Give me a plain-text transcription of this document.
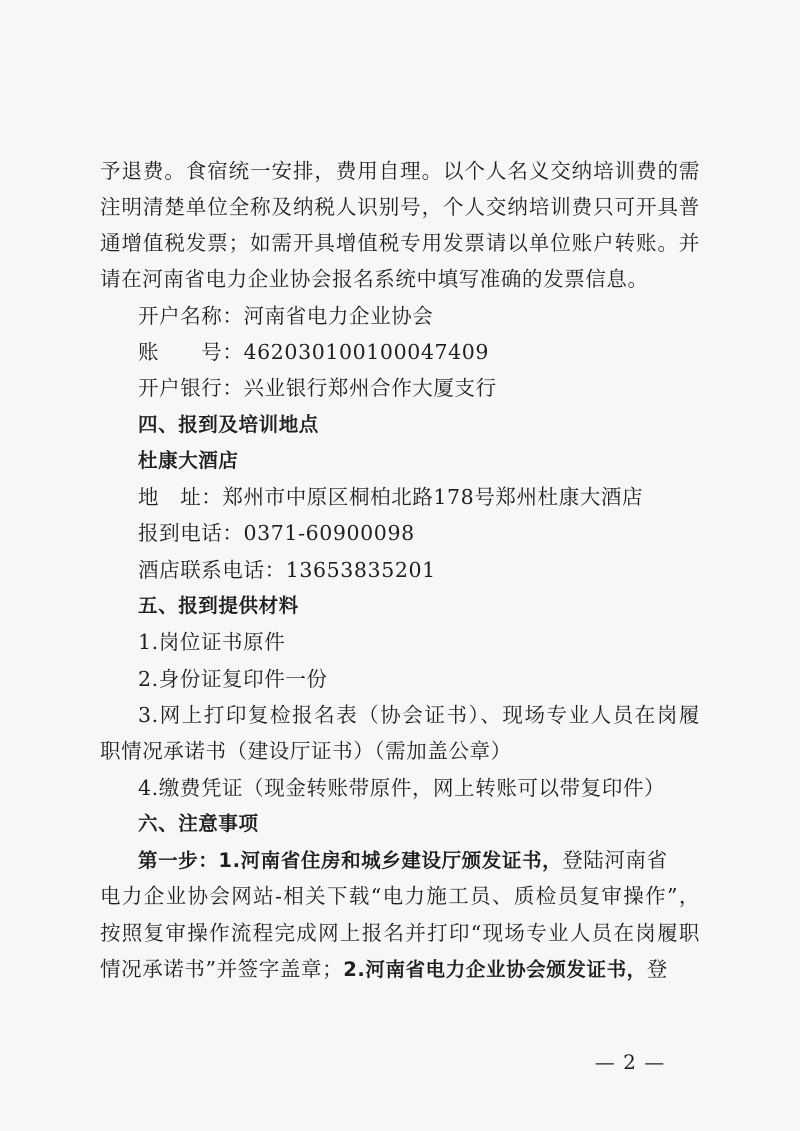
予退费。食宿统一安排，费用自理。以个人名义交纳培训费的需
注明清楚单位全称及纳税人识别号，个人交纳培训费只可开具普
通增值税发票；如需开具增值税专用发票请以单位账户转账。并
请在河南省电力企业协会报名系统中填写准确的发票信息。
开户名称：河南省电力企业协会
账　　号：462030100100047409
开户银行：兴业银行郑州合作大厦支行
四、报到及培训地点
杜康大酒店
地　址：郑州市中原区桐柏北路178号郑州杜康大酒店
报到电话：0371-60900098
酒店联系电话：13653835201
五、报到提供材料
1.岗位证书原件
2.身份证复印件一份
3.网上打印复检报名表（协会证书）、现场专业人员在岗履
职情况承诺书（建设厅证书）（需加盖公章）
4.缴费凭证（现金转账带原件，网上转账可以带复印件）
六、注意事项
第一步：1.河南省住房和城乡建设厅颁发证书，登陆河南省
电力企业协会网站-相关下载“电力施工员、质检员复审操作”，
按照复审操作流程完成网上报名并打印“现场专业人员在岗履职
情况承诺书”并签字盖章；2.河南省电力企业协会颁发证书，登
— 2 —
